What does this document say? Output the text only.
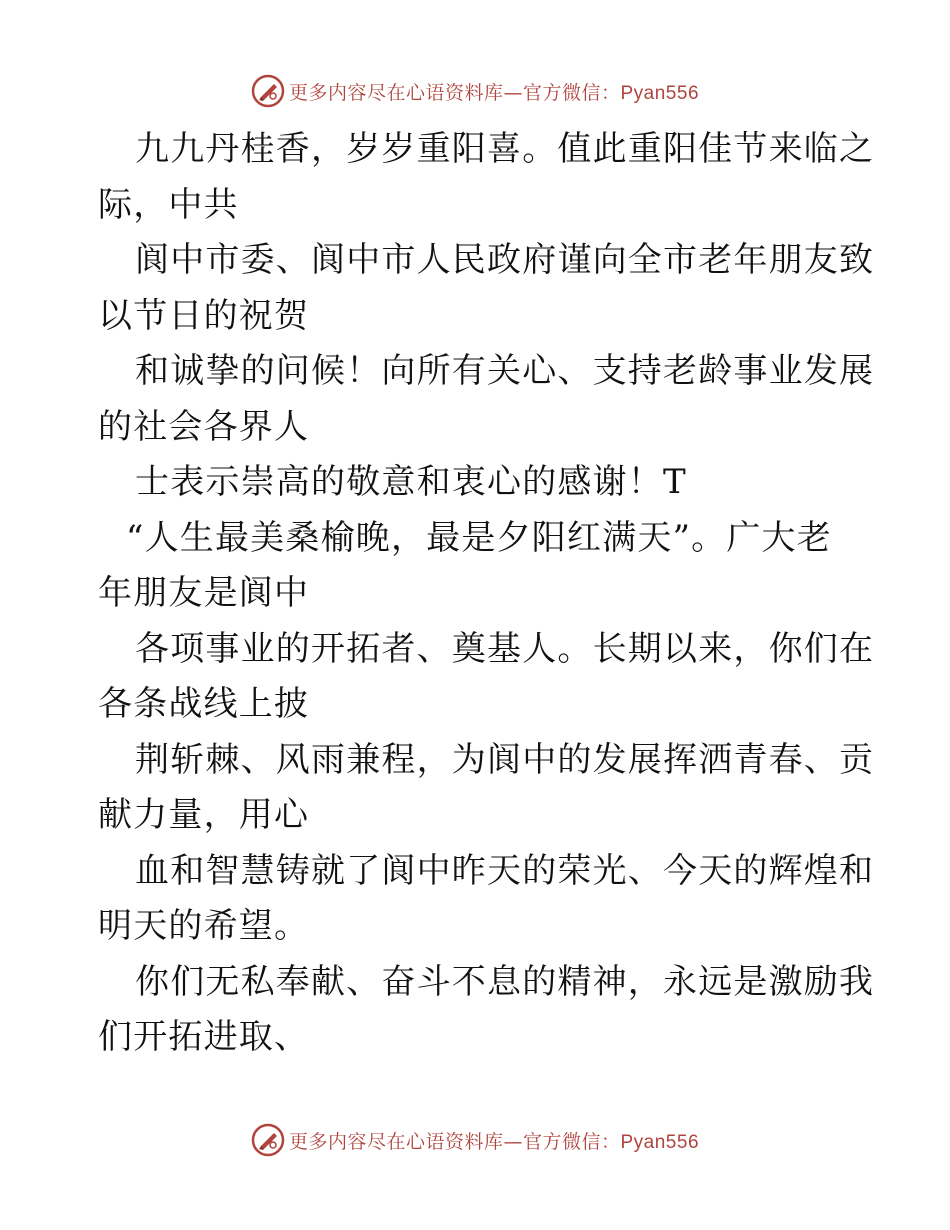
更多内容尽在心语资料库—官方微信：Pyan556
九九丹桂香，岁岁重阳喜。值此重阳佳节来临之
际，中共
阆中市委、阆中市人民政府谨向全市老年朋友致
以节日的祝贺
和诚挚的问候！向所有关心、支持老龄事业发展
的社会各界人
士表示崇高的敬意和衷心的感谢！T
“人生最美桑榆晚，最是夕阳红满天”。广大老
年朋友是阆中
各项事业的开拓者、奠基人。长期以来，你们在
各条战线上披
荆斩棘、风雨兼程，为阆中的发展挥洒青春、贡
献力量，用心
血和智慧铸就了阆中昨天的荣光、今天的辉煌和
明天的希望。
你们无私奉献、奋斗不息的精神，永远是激励我
们开拓进取、
更多内容尽在心语资料库—官方微信：Pyan556
